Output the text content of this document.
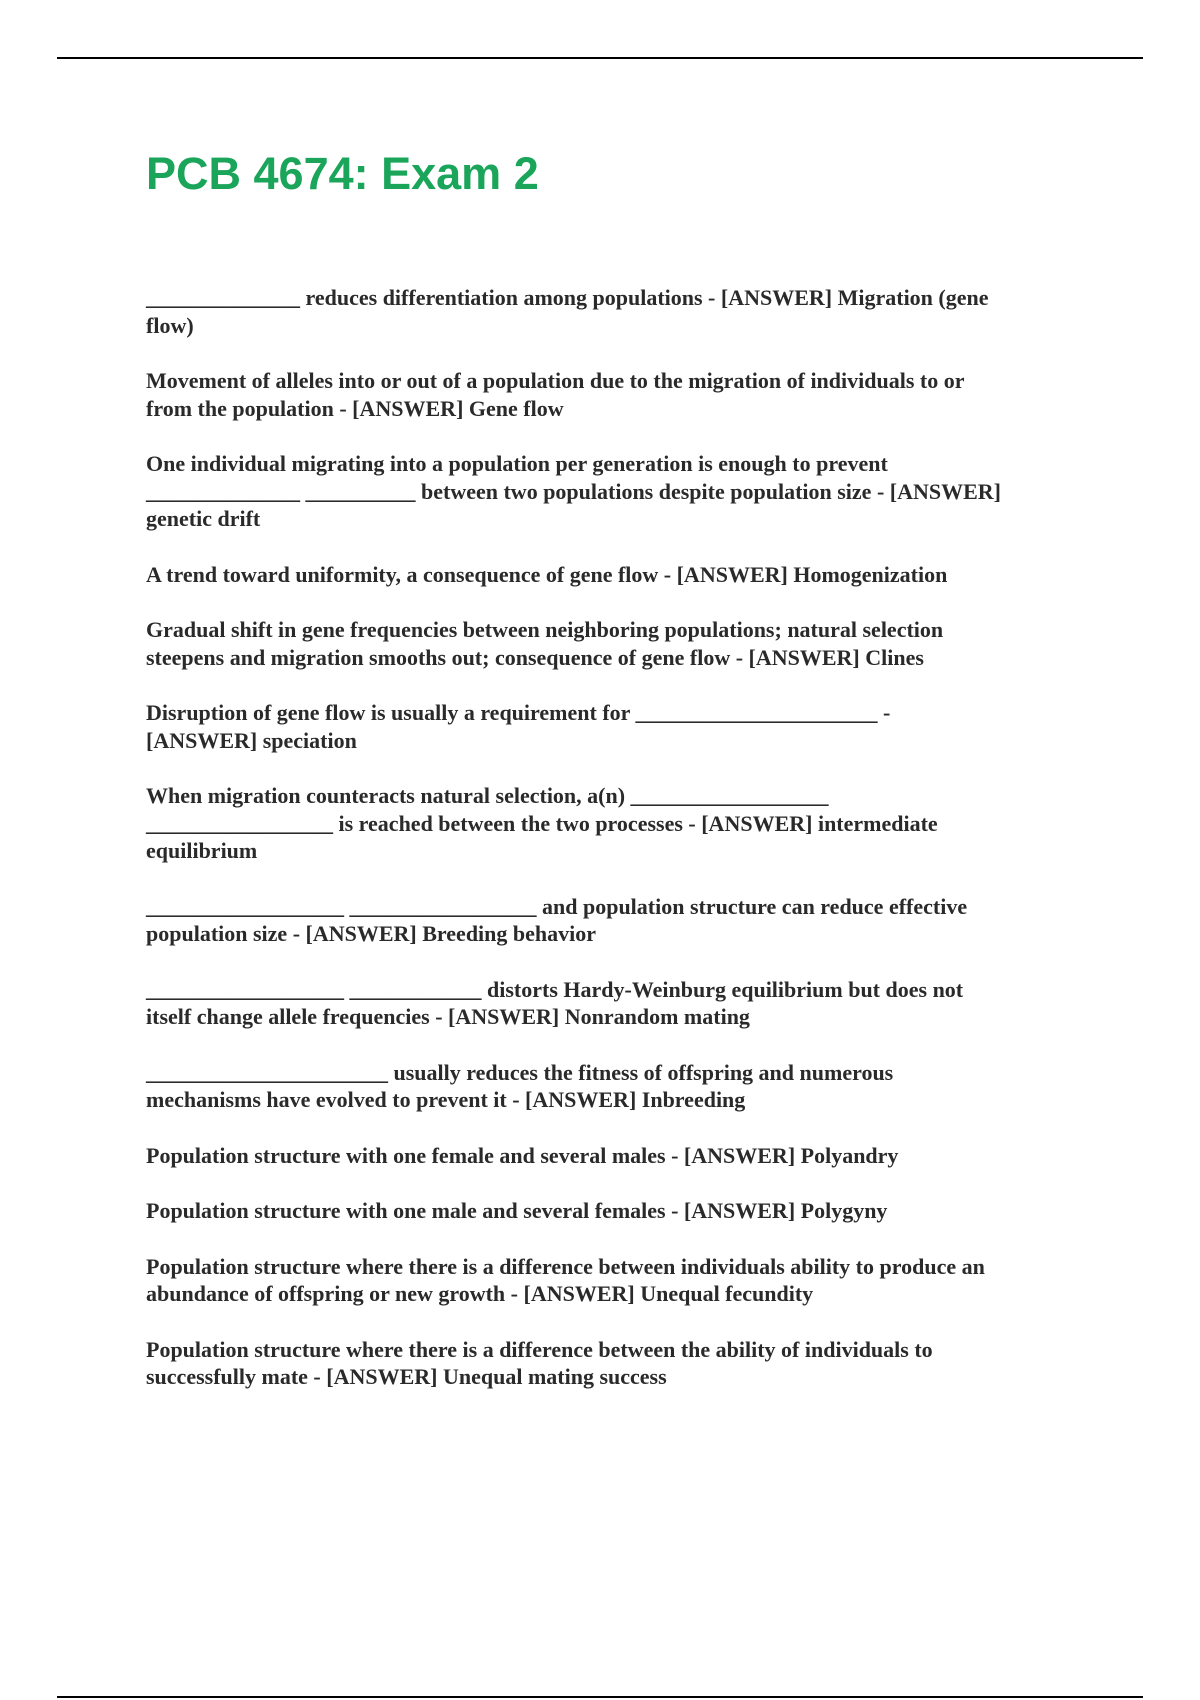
PCB 4674: Exam 2
______________ reduces differentiation among populations - [ANSWER] Migration (gene
flow)
Movement of alleles into or out of a population due to the migration of individuals to or
from the population - [ANSWER] Gene flow
One individual migrating into a population per generation is enough to prevent
______________ __________ between two populations despite population size - [ANSWER]
genetic drift
A trend toward uniformity, a consequence of gene flow - [ANSWER] Homogenization
Gradual shift in gene frequencies between neighboring populations; natural selection
steepens and migration smooths out; consequence of gene flow - [ANSWER] Clines
Disruption of gene flow is usually a requirement for ______________________ -
[ANSWER] speciation
When migration counteracts natural selection, a(n) __________________
_________________ is reached between the two processes - [ANSWER] intermediate
equilibrium
__________________ _________________ and population structure can reduce effective
population size - [ANSWER] Breeding behavior
__________________ ____________ distorts Hardy-Weinburg equilibrium but does not
itself change allele frequencies - [ANSWER] Nonrandom mating
______________________ usually reduces the fitness of offspring and numerous
mechanisms have evolved to prevent it - [ANSWER] Inbreeding
Population structure with one female and several males - [ANSWER] Polyandry
Population structure with one male and several females - [ANSWER] Polygyny
Population structure where there is a difference between individuals ability to produce an
abundance of offspring or new growth - [ANSWER] Unequal fecundity
Population structure where there is a difference between the ability of individuals to
successfully mate - [ANSWER] Unequal mating success
